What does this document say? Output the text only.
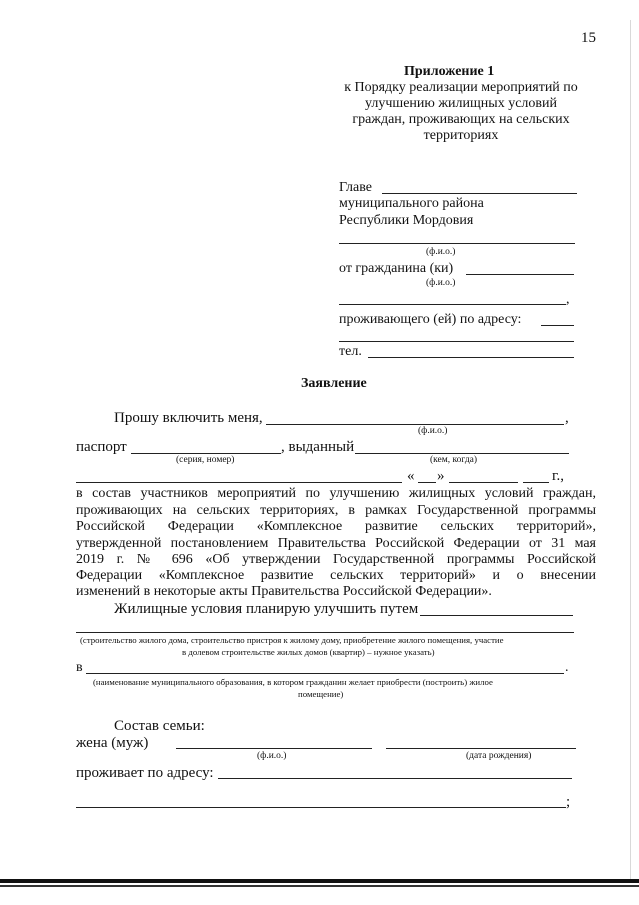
15
Приложение 1
к Порядку реализации мероприятий по
улучшению жилищных условий
граждан, проживающих на сельских
территориях
Главе
муниципального района
Республики Мордовия
(ф.и.о.)
от гражданина (ки)
(ф.и.о.)
,
проживающего (ей) по адресу:
тел.
Заявление
Прошу включить меня,	,
(ф.и.о.)
паспорт	, выданный
(серия, номер)	(кем, когда)
« »	г.,
в состав участников мероприятий по улучшению жилищных условий граждан,
проживающих на сельских территориях, в рамках Государственной программы
Российской Федерации «Комплексное развитие сельских территорий»,
утвержденной постановлением Правительства Российской Федерации от 31 мая
2019 г. № 696 «Об утверждении Государственной программы Российской
Федерации «Комплексное развитие сельских территорий» и о внесении
изменений в некоторые акты Правительства Российской Федерации».
Жилищные условия планирую улучшить путем
(строительство жилого дома, строительство пристроя к жилому дому, приобретение жилого помещения, участие
в долевом строительстве жилых домов (квартир) – нужное указать)
в	.
(наименование муниципального образования, в котором гражданин желает приобрести (построить) жилое
помещение)
Состав семьи:
жена (муж)
(ф.и.о.)	(дата рождения)
проживает по адресу:
;
